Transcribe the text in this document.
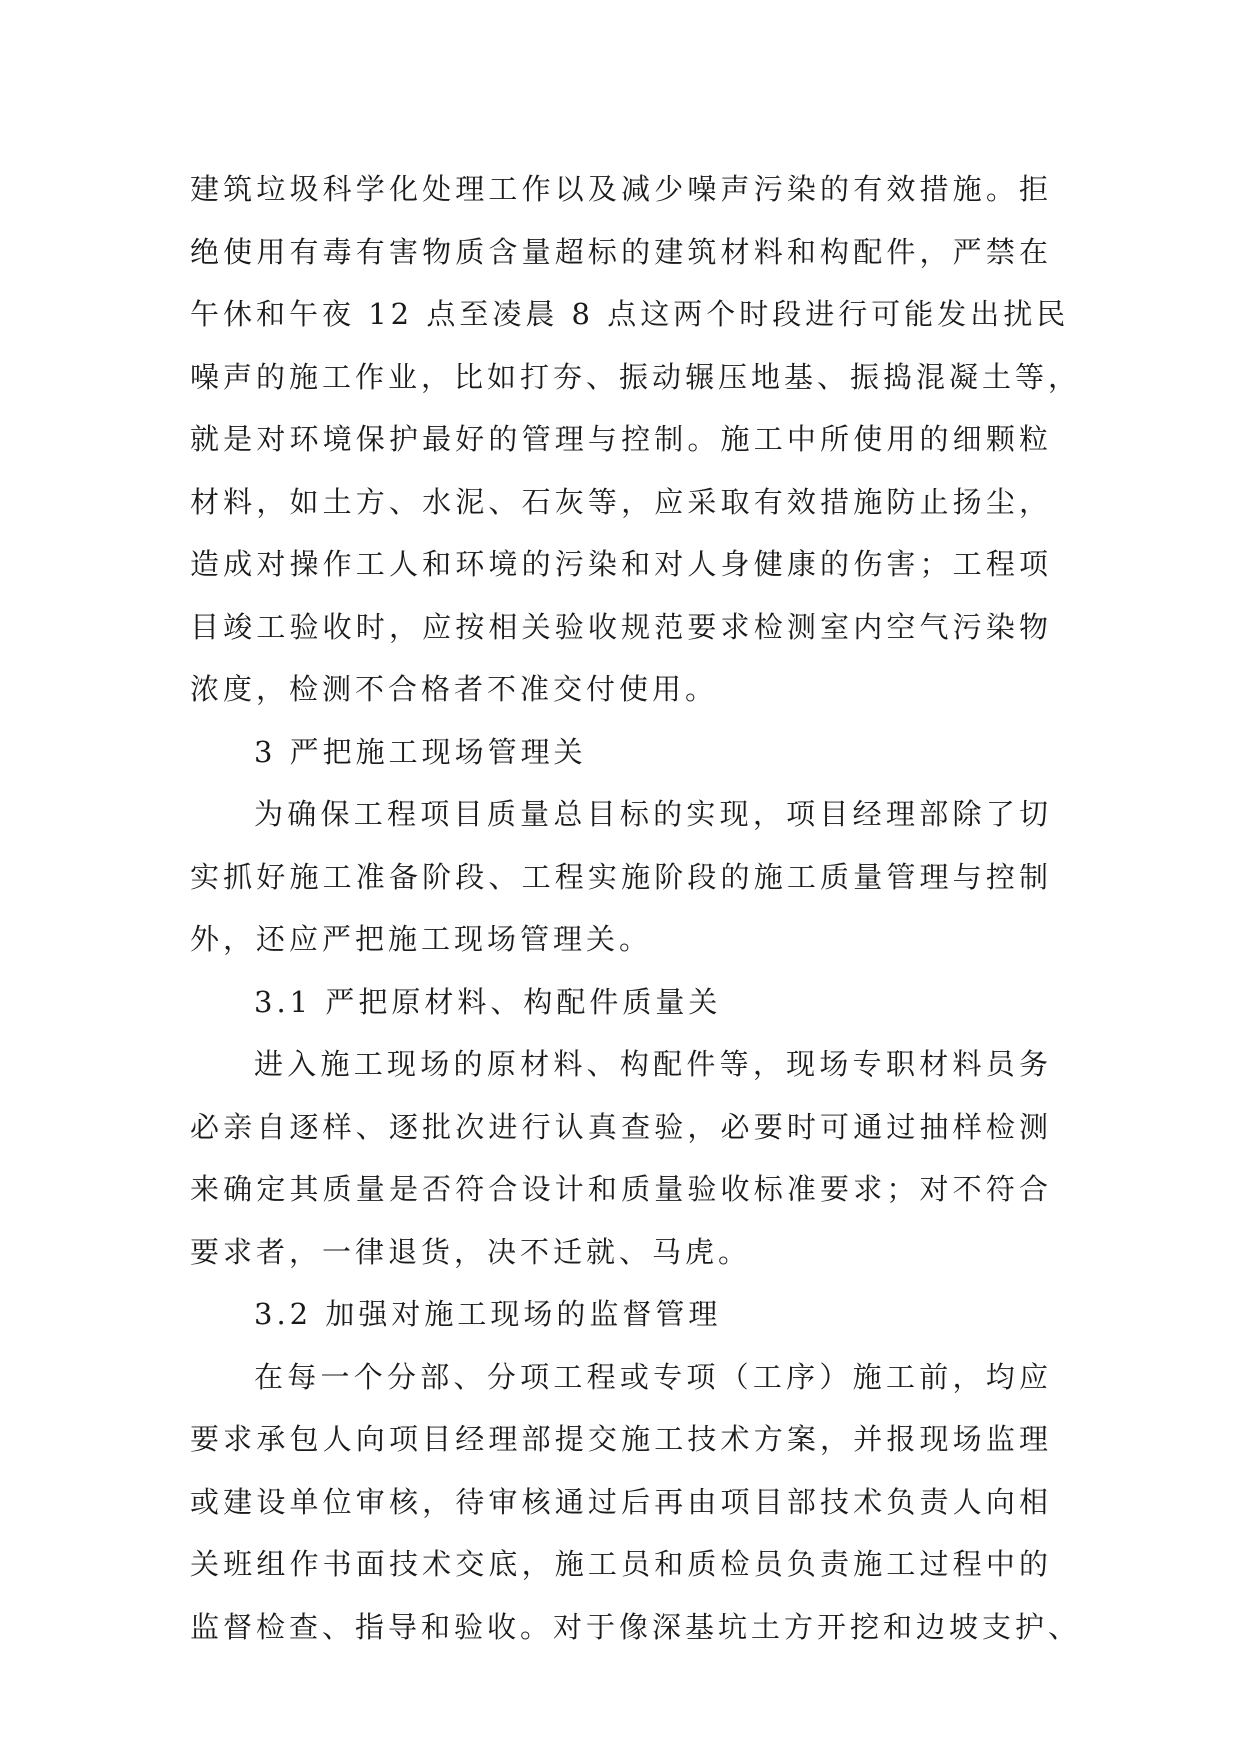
建筑垃圾科学化处理工作以及减少噪声污染的有效措施。拒
绝使用有毒有害物质含量超标的建筑材料和构配件，严禁在
午休和午夜 12 点至凌晨 8 点这两个时段进行可能发出扰民
噪声的施工作业，比如打夯、振动辗压地基、振捣混凝土等，
就是对环境保护最好的管理与控制。施工中所使用的细颗粒
材料，如土方、水泥、石灰等，应采取有效措施防止扬尘，
造成对操作工人和环境的污染和对人身健康的伤害；工程项
目竣工验收时，应按相关验收规范要求检测室内空气污染物
浓度，检测不合格者不准交付使用。
3 严把施工现场管理关
为确保工程项目质量总目标的实现，项目经理部除了切
实抓好施工准备阶段、工程实施阶段的施工质量管理与控制
外，还应严把施工现场管理关。
3.1 严把原材料、构配件质量关
进入施工现场的原材料、构配件等，现场专职材料员务
必亲自逐样、逐批次进行认真查验，必要时可通过抽样检测
来确定其质量是否符合设计和质量验收标准要求；对不符合
要求者，一律退货，决不迁就、马虎。
3.2 加强对施工现场的监督管理
在每一个分部、分项工程或专项（工序）施工前，均应
要求承包人向项目经理部提交施工技术方案，并报现场监理
或建设单位审核，待审核通过后再由项目部技术负责人向相
关班组作书面技术交底，施工员和质检员负责施工过程中的
监督检查、指导和验收。对于像深基坑土方开挖和边坡支护、
